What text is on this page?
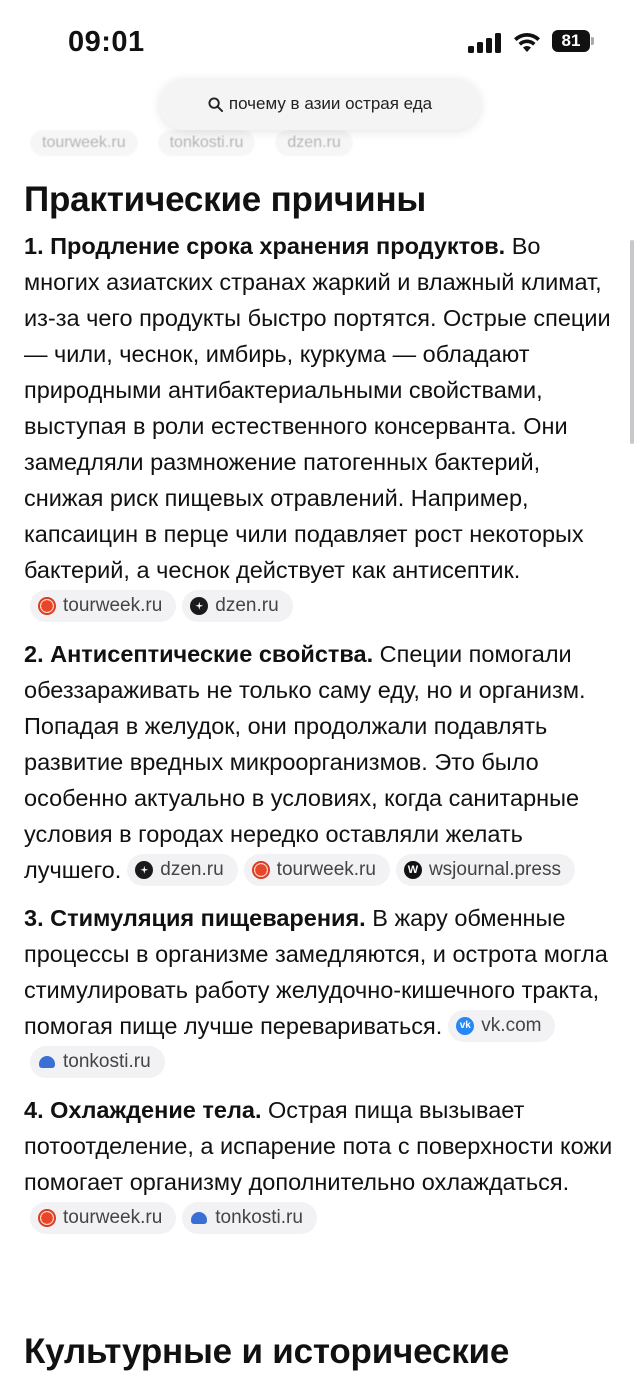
09:01	81
tourweek.ru	tonkosti.ru	dzen.ru
почему в азии острая еда
Практические причины

1. Продление срока хранения продуктов. Во многих азиатских странах жаркий и влажный климат, из-за чего продукты быстро портятся. Острые специи — чили, чеснок, имбирь, куркума — обладают природными антибактериальными свойствами, выступая в роли естественного консерванта. Они замедляли размножение патогенных бактерий, снижая риск пищевых отравлений. Например, капсаицин в перце чили подавляет рост некоторых бактерий, а чеснок действует как антисептик.
tourweek.ru	dzen.ru

2. Антисептические свойства. Специи помогали обеззараживать не только саму еду, но и организм. Попадая в желудок, они продолжали подавлять развитие вредных микроорганизмов. Это было особенно актуально в условиях, когда санитарные условия в городах нередко оставляли желать лучшего. dzen.ru	tourweek.ru	W wsjournal.press

3. Стимуляция пищеварения. В жару обменные процессы в организме замедляются, и острота могла стимулировать работу желудочно-кишечного тракта, помогая пище лучше перевариваться.	vk vk.com
tonkosti.ru

4. Охлаждение тела. Острая пища вызывает потоотделение, а испарение пота с поверхности кожи помогает организму дополнительно охлаждаться.
tourweek.ru	tonkosti.ru

Культурные и исторические
